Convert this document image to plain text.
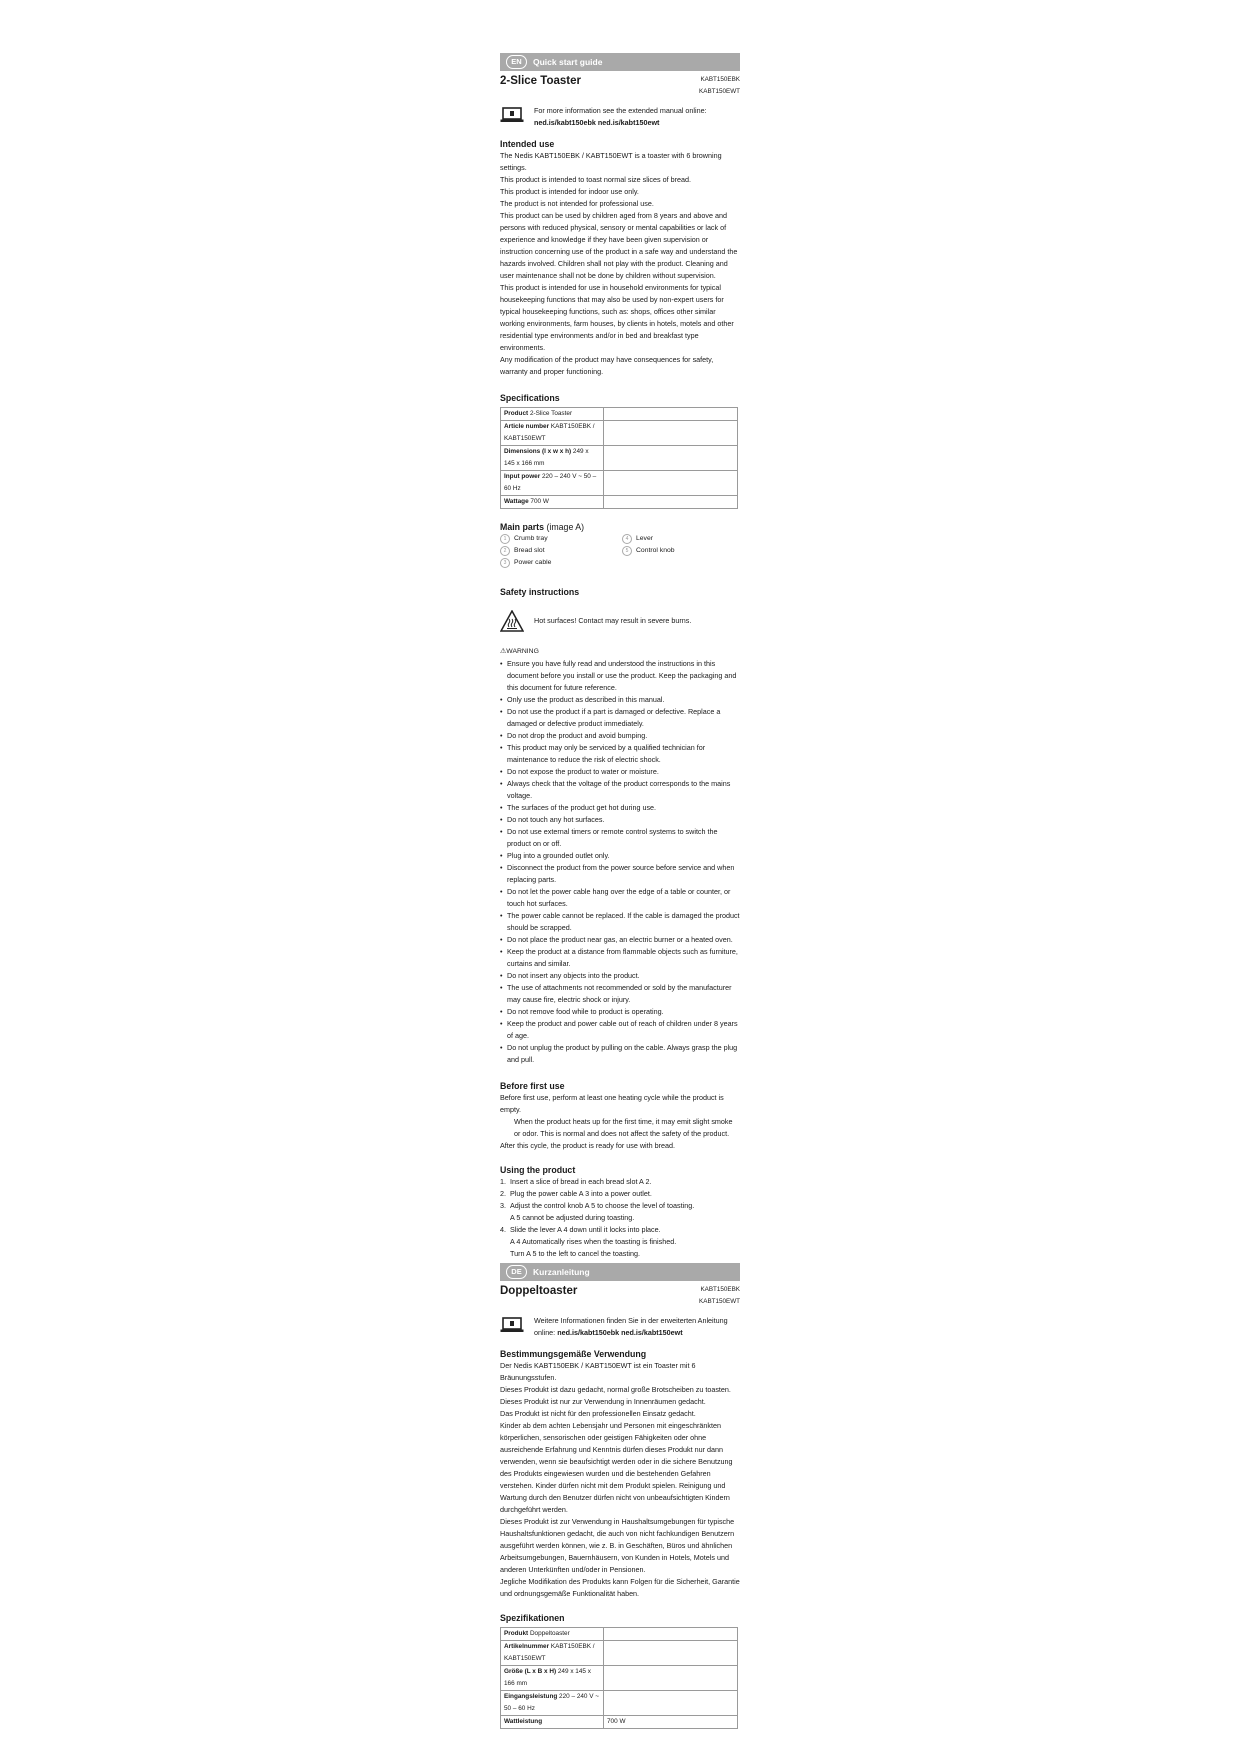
EN	Quick start guide
2-Slice Toaster	KABT150EBK
KABT150EWT
For more information see the extended manual online:
ned.is/kabt150ebk ned.is/kabt150ewt
Intended use

The Nedis KABT150EBK / KABT150EWT is a toaster with 6 browning settings.

This product is intended to toast normal size slices of bread.

This product is intended for indoor use only.

The product is not intended for professional use.

This product can be used by children aged from 8 years and above and persons with reduced physical, sensory or mental capabilities or lack of experience and knowledge if they have been given supervision or instruction concerning use of the product in a safe way and understand the hazards involved. Children shall not play with the product. Cleaning and user maintenance shall not be done by children without supervision.

This product is intended for use in household environments for typical housekeeping functions that may also be used by non-expert users for typical housekeeping functions, such as: shops, offices other similar working environments, farm houses, by clients in hotels, motels and other residential type environments and/or in bed and breakfast type environments.

Any modification of the product may have consequences for safety, warranty and proper functioning.

Specifications
Product 2-Slice Toaster	
Article number KABT150EBK / KABT150EWT	
Dimensions (l x w x h) 249 x 145 x 166 mm	
Input power 220 – 240 V ~ 50 – 60 Hz	
Wattage 700 W	
Main parts (image A)
1	Crumb tray	4	Lever
2	Bread slot	5	Control knob
3	Power cable
Safety instructions
Hot surfaces! Contact may result in severe burns.
⚠WARNING
• Ensure you have fully read and understood the instructions in this document before you install or use the product. Keep the packaging and this document for future reference.
• Only use the product as described in this manual.
• Do not use the product if a part is damaged or defective. Replace a damaged or defective product immediately.
• Do not drop the product and avoid bumping.
• This product may only be serviced by a qualified technician for maintenance to reduce the risk of electric shock.
• Do not expose the product to water or moisture.
• Always check that the voltage of the product corresponds to the mains voltage.
• The surfaces of the product get hot during use.
• Do not touch any hot surfaces.
• Do not use external timers or remote control systems to switch the product on or off.
• Plug into a grounded outlet only.
• Disconnect the product from the power source before service and when replacing parts.
• Do not let the power cable hang over the edge of a table or counter, or touch hot surfaces.
• The power cable cannot be replaced. If the cable is damaged the product should be scrapped.
• Do not place the product near gas, an electric burner or a heated oven.
• Keep the product at a distance from flammable objects such as furniture, curtains and similar.
• Do not insert any objects into the product.
• The use of attachments not recommended or sold by the manufacturer may cause fire, electric shock or injury.
• Do not remove food while to product is operating.
• Keep the product and power cable out of reach of children under 8 years of age.
• Do not unplug the product by pulling on the cable. Always grasp the plug and pull.
Before first use

Before first use, perform at least one heating cycle while the product is empty.

When the product heats up for the first time, it may emit slight smoke or odor. This is normal and does not affect the safety of the product.

After this cycle, the product is ready for use with bread.

Using the product
1. Insert a slice of bread in each bread slot A 2.
2. Plug the power cable A 3 into a power outlet.
3. Adjust the control knob A 5 to choose the level of toasting.
A 5 cannot be adjusted during toasting.
4. Slide the lever A 4 down until it locks into place.
A 4 Automatically rises when the toasting is finished.
Turn A 5 to the left to cancel the toasting.
DE	Kurzanleitung
Doppeltoaster	KABT150EBK
KABT150EWT
Weitere Informationen finden Sie in der erweiterten Anleitung online: ned.is/kabt150ebk ned.is/kabt150ewt
Bestimmungsgemäße Verwendung

Der Nedis KABT150EBK / KABT150EWT ist ein Toaster mit 6 Bräunungsstufen.

Dieses Produkt ist dazu gedacht, normal große Brotscheiben zu toasten.

Dieses Produkt ist nur zur Verwendung in Innenräumen gedacht.

Das Produkt ist nicht für den professionellen Einsatz gedacht.

Kinder ab dem achten Lebensjahr und Personen mit eingeschränkten körperlichen, sensorischen oder geistigen Fähigkeiten oder ohne ausreichende Erfahrung und Kenntnis dürfen dieses Produkt nur dann verwenden, wenn sie beaufsichtigt werden oder in die sichere Benutzung des Produkts eingewiesen wurden und die bestehenden Gefahren verstehen. Kinder dürfen nicht mit dem Produkt spielen. Reinigung und Wartung durch den Benutzer dürfen nicht von unbeaufsichtigten Kindern durchgeführt werden.

Dieses Produkt ist zur Verwendung in Haushaltsumgebungen für typische Haushaltsfunktionen gedacht, die auch von nicht fachkundigen Benutzern ausgeführt werden können, wie z. B. in Geschäften, Büros und ähnlichen Arbeitsumgebungen, Bauernhäusern, von Kunden in Hotels, Motels und anderen Unterkünften und/oder in Pensionen.

Jegliche Modifikation des Produkts kann Folgen für die Sicherheit, Garantie und ordnungsgemäße Funktionalität haben.

Spezifikationen
Produkt Doppeltoaster	
Artikelnummer KABT150EBK / KABT150EWT	
Größe (L x B x H) 249 x 145 x 166 mm	
Eingangsleistung 220 – 240 V ~ 50 – 60 Hz	
Wattleistung	700 W
